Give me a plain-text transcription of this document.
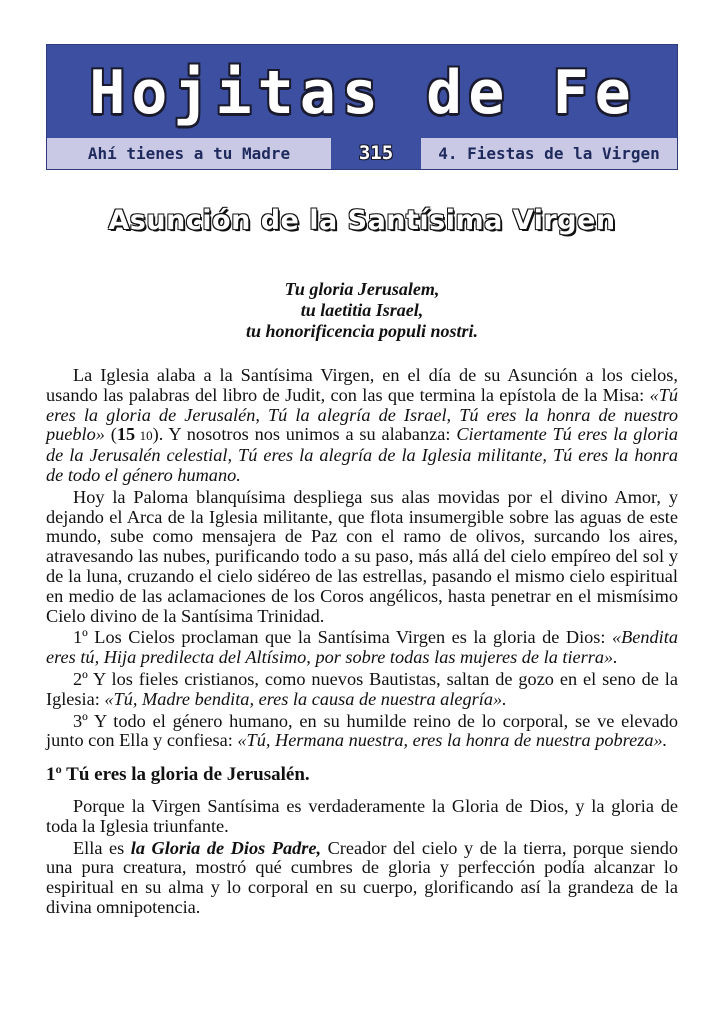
Hojitas de Fe
Ahí tienes a tu Madre	315	4. Fiestas de la Virgen
Asunción de la Santísima Virgen
Tu gloria Jerusalem,
tu laetitia Israel,
tu honorificencia populi nostri.

La Iglesia alaba a la Santísima Virgen, en el día de su Asunción a los cielos, usando las palabras del libro de Judit, con las que termina la epístola de la Misa: «Tú eres la gloria de Jerusalén, Tú la alegría de Israel, Tú eres la honra de nuestro pueblo» (15 10). Y nosotros nos unimos a su alabanza: Ciertamente Tú eres la gloria de la Jerusalén celestial, Tú eres la alegría de la Iglesia militante, Tú eres la honra de todo el género humano.

Hoy la Paloma blanquísima despliega sus alas movidas por el divino Amor, y dejando el Arca de la Iglesia militante, que flota insumergible sobre las aguas de este mundo, sube como mensajera de Paz con el ramo de olivos, surcando los aires, atravesando las nubes, purificando todo a su paso, más allá del cielo empíreo del sol y de la luna, cruzando el cielo sidéreo de las estrellas, pasando el mismo cielo espiritual en medio de las aclamaciones de los Coros angélicos, hasta penetrar en el mismísimo Cielo divino de la Santísima Trinidad.

1º Los Cielos proclaman que la Santísima Virgen es la gloria de Dios: «Bendita eres tú, Hija predilecta del Altísimo, por sobre todas las mujeres de la tierra».

2º Y los fieles cristianos, como nuevos Bautistas, saltan de gozo en el seno de la Iglesia: «Tú, Madre bendita, eres la causa de nuestra alegría».

3º Y todo el género humano, en su humilde reino de lo corporal, se ve elevado junto con Ella y confiesa: «Tú, Hermana nuestra, eres la honra de nuestra pobreza».

1º Tú eres la gloria de Jerusalén.

Porque la Virgen Santísima es verdaderamente la Gloria de Dios, y la gloria de toda la Iglesia triunfante.

Ella es la Gloria de Dios Padre, Creador del cielo y de la tierra, porque siendo una pura creatura, mostró qué cumbres de gloria y perfección podía alcanzar lo espiritual en su alma y lo corporal en su cuerpo, glorificando así la grandeza de la divina omnipotencia.
